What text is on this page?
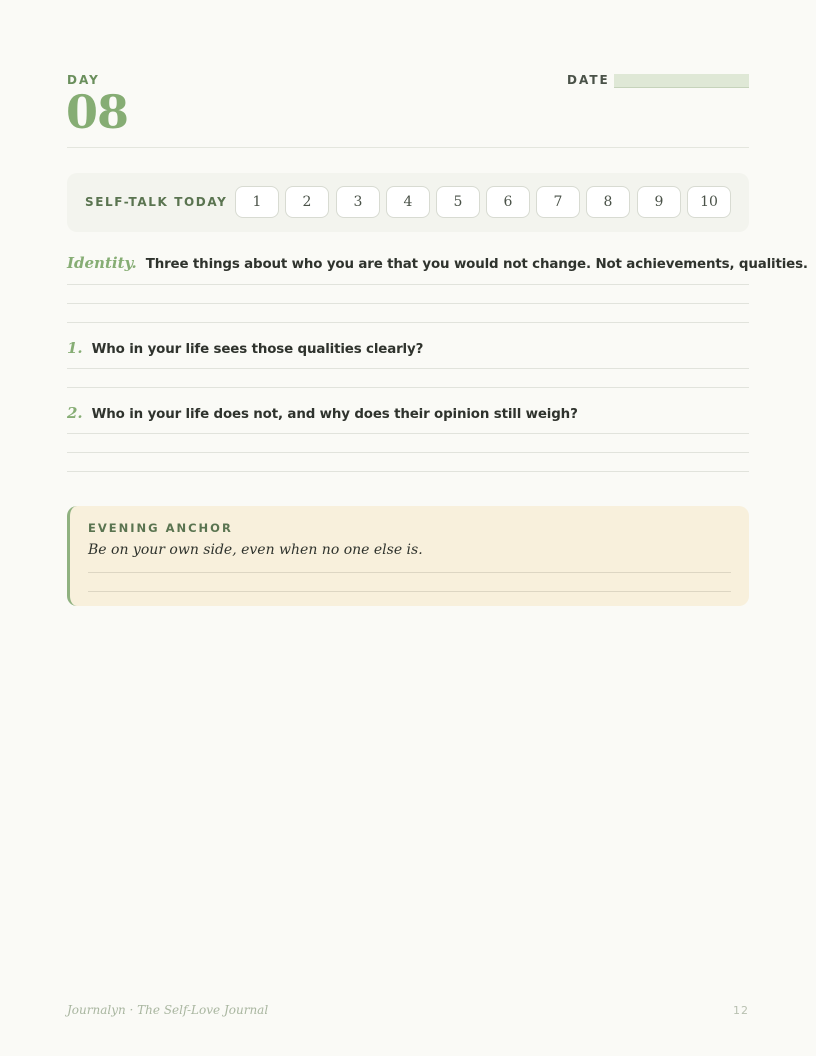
DAY
08
DATE
SELF-TALK TODAY	1	2	3	4	5	6	7	8	9	10
Identity. Three things about who you are that you would not change. Not achievements, qualities.
1. Who in your life sees those qualities clearly?
2. Who in your life does not, and why does their opinion still weigh?
EVENING ANCHOR
Be on your own side, even when no one else is.
Journalyn · The Self-Love Journal	12
